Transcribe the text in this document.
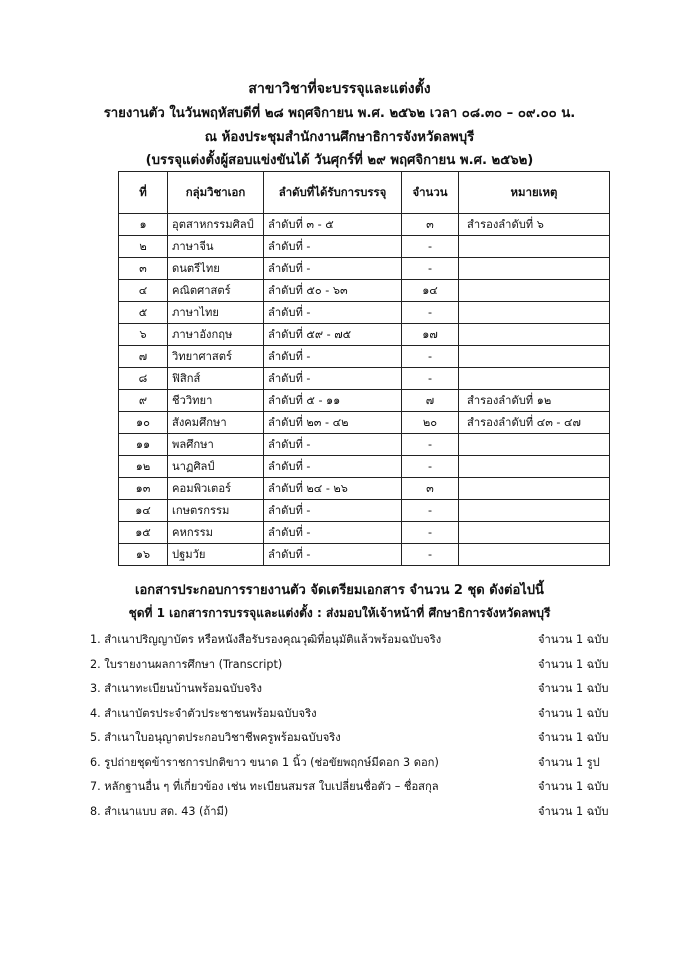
สาขาวิชาที่จะบรรจุและแต่งตั้ง
รายงานตัว ในวันพฤหัสบดีที่ ๒๘ พฤศจิกายน พ.ศ. ๒๕๖๒ เวลา ๐๘.๓๐ – ๐๙.๐๐ น.
ณ ห้องประชุมสำนักงานศึกษาธิการจังหวัดลพบุรี
(บรรจุแต่งตั้งผู้สอบแข่งขันได้ วันศุกร์ที่ ๒๙ พฤศจิกายน พ.ศ. ๒๕๖๒)
ที่	กลุ่มวิชาเอก	ลำดับที่ได้รับการบรรจุ	จำนวน	หมายเหตุ
๑	อุตสาหกรรมศิลป์	ลำดับที่ ๓ - ๕	๓	สำรองลำดับที่ ๖
๒	ภาษาจีน	ลำดับที่ -	-	
๓	ดนตรีไทย	ลำดับที่ -	-	
๔	คณิตศาสตร์	ลำดับที่ ๕๐ - ๖๓	๑๔	
๕	ภาษาไทย	ลำดับที่ -	-	
๖	ภาษาอังกฤษ	ลำดับที่ ๕๙ - ๗๕	๑๗	
๗	วิทยาศาสตร์	ลำดับที่ -	-	
๘	ฟิสิกส์	ลำดับที่ -	-	
๙	ชีววิทยา	ลำดับที่ ๕ - ๑๑	๗	สำรองลำดับที่ ๑๒
๑๐	สังคมศึกษา	ลำดับที่ ๒๓ - ๔๒	๒๐	สำรองลำดับที่ ๔๓ - ๔๗
๑๑	พลศึกษา	ลำดับที่ -	-	
๑๒	นาฏศิลป์	ลำดับที่ -	-	
๑๓	คอมพิวเตอร์	ลำดับที่ ๒๔ - ๒๖	๓	
๑๔	เกษตรกรรม	ลำดับที่ -	-	
๑๕	คหกรรม	ลำดับที่ -	-	
๑๖	ปฐมวัย	ลำดับที่ -	-	
เอกสารประกอบการรายงานตัว จัดเตรียมเอกสาร จำนวน 2 ชุด ดังต่อไปนี้
ชุดที่ 1 เอกสารการบรรจุและแต่งตั้ง : ส่งมอบให้เจ้าหน้าที่ ศึกษาธิการจังหวัดลพบุรี
1. สำเนาปริญญาบัตร หรือหนังสือรับรองคุณวุฒิที่อนุมัติแล้วพร้อมฉบับจริง	จำนวน 1 ฉบับ
2. ใบรายงานผลการศึกษา (Transcript)	จำนวน 1 ฉบับ
3. สำเนาทะเบียนบ้านพร้อมฉบับจริง	จำนวน 1 ฉบับ
4. สำเนาบัตรประจำตัวประชาชนพร้อมฉบับจริง	จำนวน 1 ฉบับ
5. สำเนาใบอนุญาตประกอบวิชาชีพครูพร้อมฉบับจริง	จำนวน 1 ฉบับ
6. รูปถ่ายชุดข้าราชการปกติขาว ขนาด 1 นิ้ว (ช่อขัยพฤกษ์มีดอก 3 ดอก)	จำนวน 1 รูป
7. หลักฐานอื่น ๆ ที่เกี่ยวข้อง เช่น ทะเบียนสมรส ใบเปลี่ยนชื่อตัว – ชื่อสกุล	จำนวน 1 ฉบับ
8. สำเนาแบบ สด. 43 (ถ้ามี)	จำนวน 1 ฉบับ
